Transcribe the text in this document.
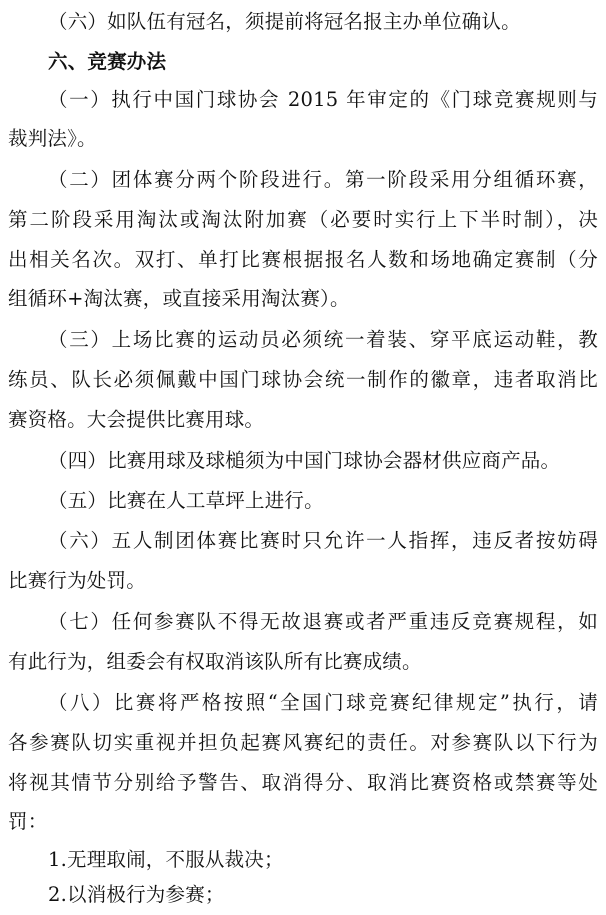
（六）如队伍有冠名，须提前将冠名报主办单位确认。
六、竞赛办法
（一）执行中国门球协会 2015 年审定的《门球竞赛规则与
裁判法》。
（二）团体赛分两个阶段进行。第一阶段采用分组循环赛，
第二阶段采用淘汰或淘汰附加赛（必要时实行上下半时制），决
出相关名次。双打、单打比赛根据报名人数和场地确定赛制（分
组循环+淘汰赛，或直接采用淘汰赛）。
（三）上场比赛的运动员必须统一着装、穿平底运动鞋，教
练员、队长必须佩戴中国门球协会统一制作的徽章，违者取消比
赛资格。大会提供比赛用球。
（四）比赛用球及球槌须为中国门球协会器材供应商产品。
（五）比赛在人工草坪上进行。
（六）五人制团体赛比赛时只允许一人指挥，违反者按妨碍
比赛行为处罚。
（七）任何参赛队不得无故退赛或者严重违反竞赛规程，如
有此行为，组委会有权取消该队所有比赛成绩。
（八）比赛将严格按照“全国门球竞赛纪律规定”执行，请
各参赛队切实重视并担负起赛风赛纪的责任。对参赛队以下行为
将视其情节分别给予警告、取消得分、取消比赛资格或禁赛等处
罚：
1.无理取闹，不服从裁决；
2.以消极行为参赛；
